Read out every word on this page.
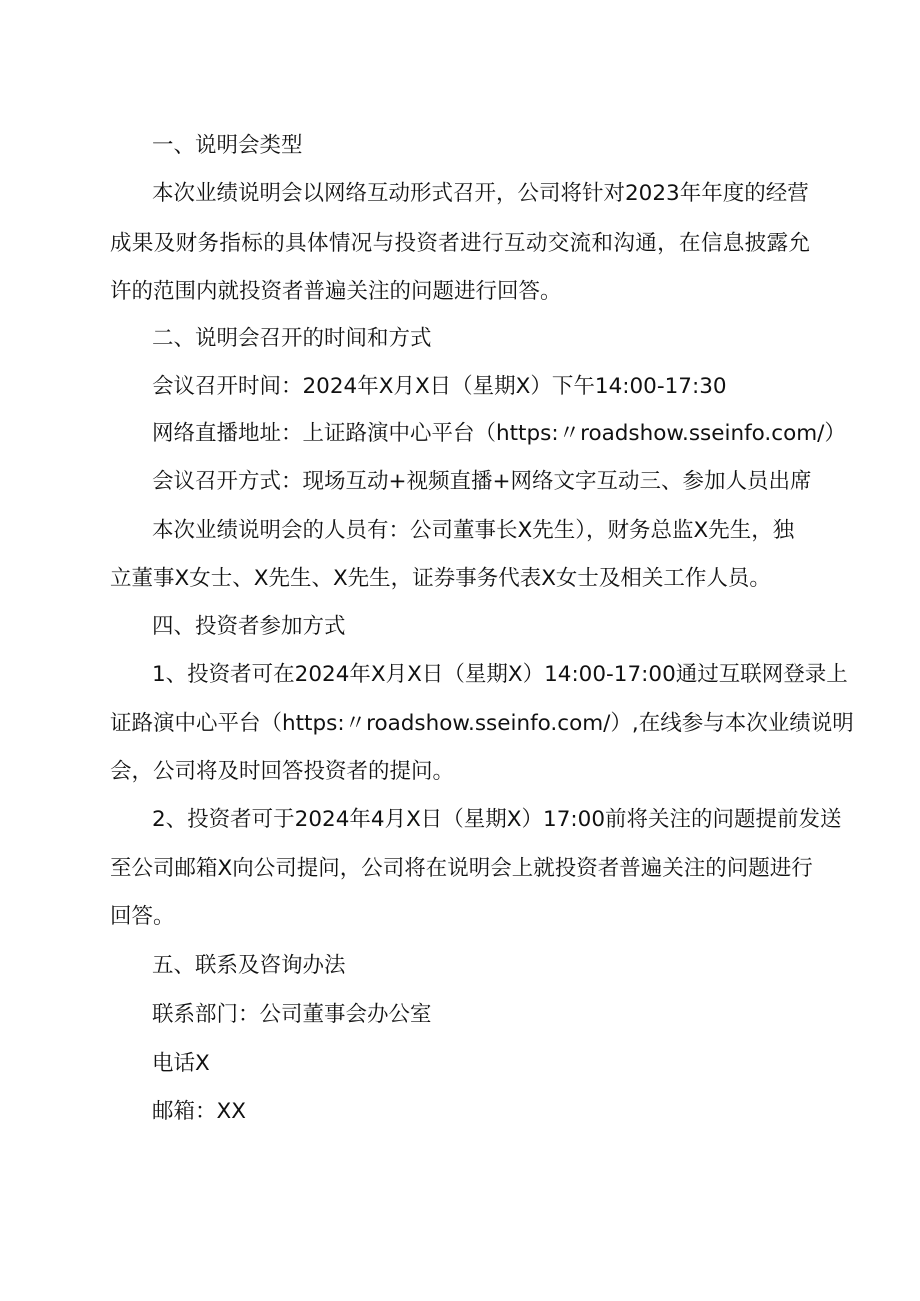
一、说明会类型

本次业绩说明会以网络互动形式召开，公司将针对2023年年度的经营

成果及财务指标的具体情况与投资者进行互动交流和沟通，在信息披露允

许的范围内就投资者普遍关注的问题进行回答。

二、说明会召开的时间和方式

会议召开时间：2024年X月X日（星期X）下午14:00-17:30

网络直播地址：上证路演中心平台（https:〃roadshow.sseinfo.com/）

会议召开方式：现场互动+视频直播+网络文字互动三、参加人员出席

本次业绩说明会的人员有：公司董事长X先生），财务总监X先生，独

立董事X女士、X先生、X先生，证券事务代表X女士及相关工作人员。

四、投资者参加方式

1、投资者可在2024年X月X日（星期X）14:00-17:00通过互联网登录上

证路演中心平台（https:〃roadshow.sseinfo.com/）,在线参与本次业绩说明

会，公司将及时回答投资者的提问。

2、投资者可于2024年4月X日（星期X）17:00前将关注的问题提前发送

至公司邮箱X向公司提问，公司将在说明会上就投资者普遍关注的问题进行

回答。

五、联系及咨询办法

联系部门：公司董事会办公室

电话X

邮箱：XX
